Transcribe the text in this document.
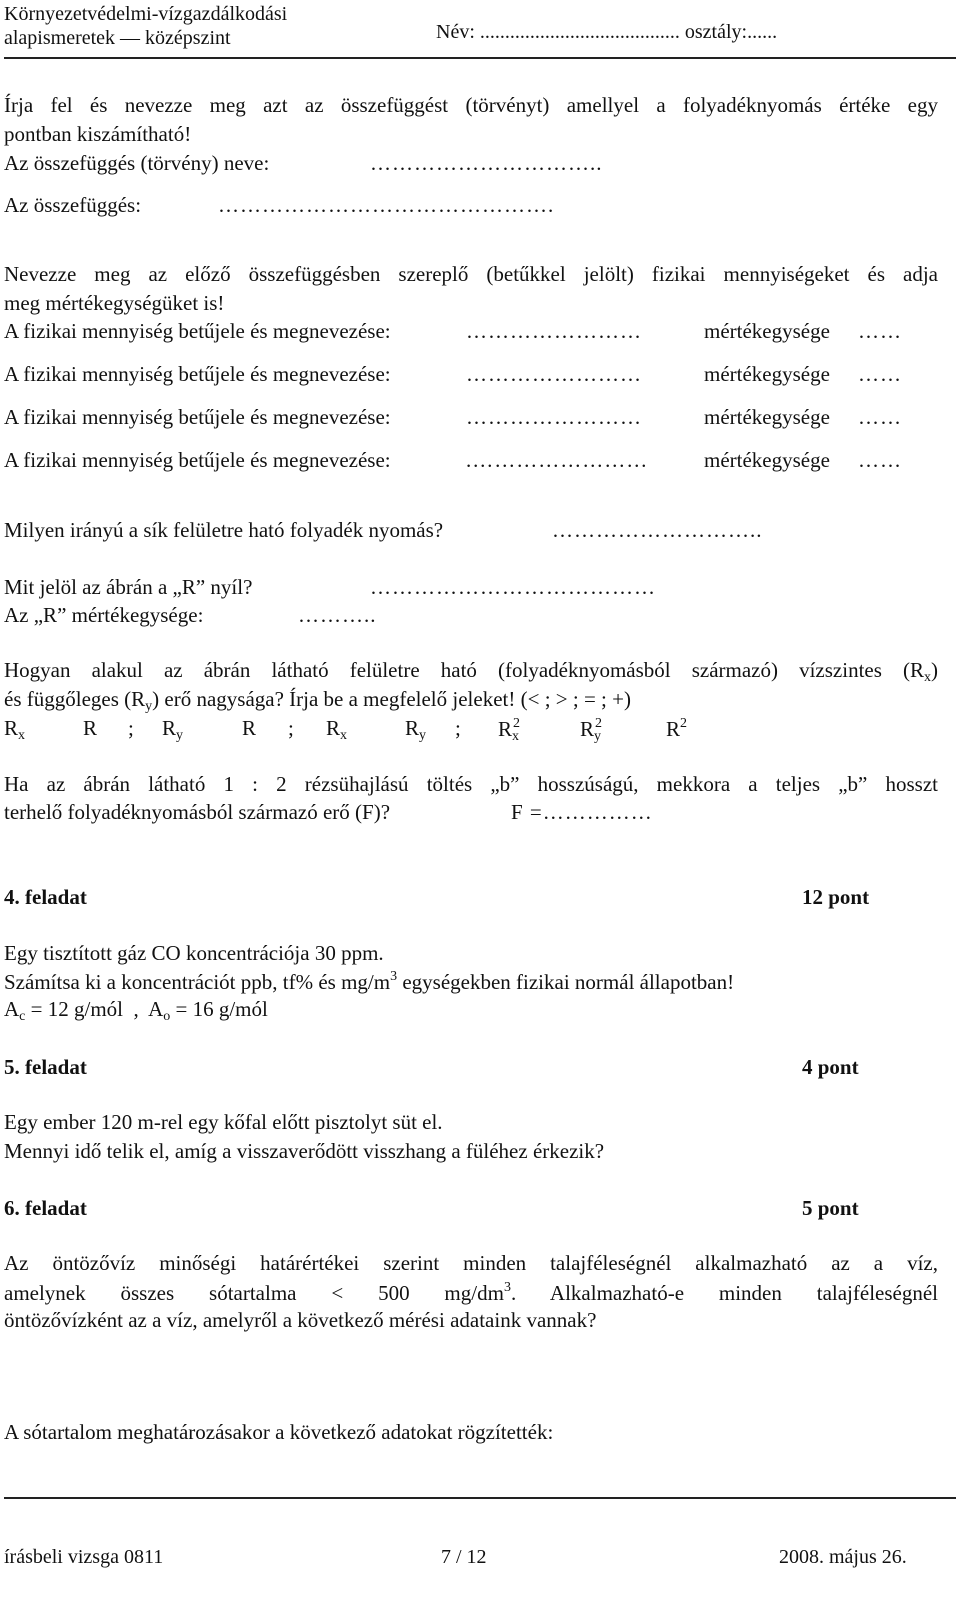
Környezetvédelmi-vízgazdálkodási
alapismeretek — középszint	Név: ........................................ osztály:......
Írja fel és nevezze meg azt az összefüggést (törvényt) amellyel a folyadéknyomás értéke egy
pontban kiszámítható!
Az összefüggés (törvény) neve:	…………………………..
Az összefüggés:	……………………………………….
Nevezze meg az előző összefüggésben szereplő (betűkkel jelölt) fizikai mennyiségeket és adja
meg mértékegységüket is!
A fizikai mennyiség betűjele és megnevezése:	……………………	mértékegysége ……
A fizikai mennyiség betűjele és megnevezése:	……………………	mértékegysége ……
A fizikai mennyiség betűjele és megnevezése:	……………………	mértékegysége ……
A fizikai mennyiség betűjele és megnevezése:	.……………………	mértékegysége ……
Milyen irányú a sík felületre ható folyadék nyomás?	………………………..
Mit jelöl az ábrán a „R” nyíl?	…………………………………
Az „R” mértékegysége:	………..
Hogyan alakul az ábrán látható felületre ható (folyadéknyomásból származó) vízszintes $(R_x)$
és függőleges $(R_y)$ erő nagysága? Írja be a megfelelő jeleket! (< ; > ; = ; +)
$R_x$	R ; $R_y$	R ; $R_x$	$R_y$ ; $R_x^2$	$R_y^2$	$R^2$
Ha az ábrán látható 1 : 2 rézsühajlású töltés „b” hosszúságú, mekkora a teljes „b” hosszt
terhelő folyadéknyomásból származó erő (F)?	F =……………
4. feladat	12 pont
Egy tisztított gáz CO koncentrációja 30 ppm.
Számítsa ki a koncentrációt ppb, tf% és $mg/m^3$ egységekben fizikai normál állapotban!
$A_c = 12$ g/mól  ,  $A_o = 16$ g/mól
5. feladat	4 pont
Egy ember 120 m-rel egy kőfal előtt pisztolyt süt el.
Mennyi idő telik el, amíg a visszaverődött visszhang a füléhez érkezik?
6. feladat	5 pont
Az öntözővíz minőségi határértékei szerint minden talajféleségnél alkalmazható az a víz,
amelynek összes sótartalma < 500 $mg/dm^3$. Alkalmazható-e minden talajféleségnél
öntözővízként az a víz, amelyről a következő mérési adataink vannak?
A sótartalom meghatározásakor a következő adatokat rögzítették:
írásbeli vizsga 0811	7 / 12	2008. május 26.
